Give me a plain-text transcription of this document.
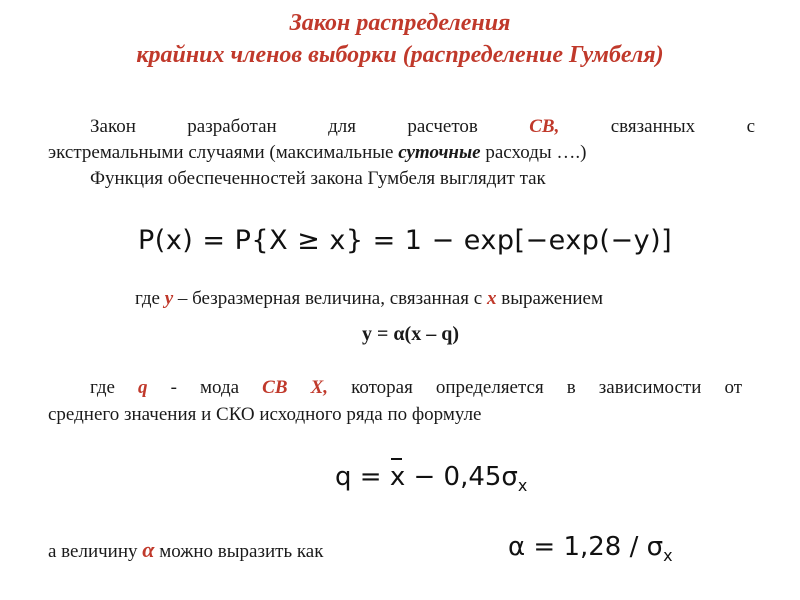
Закон распределения
крайних членов выборки (распределение Гумбеля)
Закон разработан для расчетов СВ, связанных с
экстремальными случаями (максимальные суточные расходы ….)
Функция обеспеченностей закона Гумбеля выглядит так
P(x) = P{X ≥ x} = 1 − exp[−exp(−y)]
где y – безразмерная величина, связанная с x выражением
y = α(x – q)
где q - мода СВ X, которая определяется в зависимости от
среднего значения и СКО исходного ряда по формуле
$q = x - 0,45\sigma_x$
а величину α можно выразить как	$\alpha = 1,28 / \sigma_x$
